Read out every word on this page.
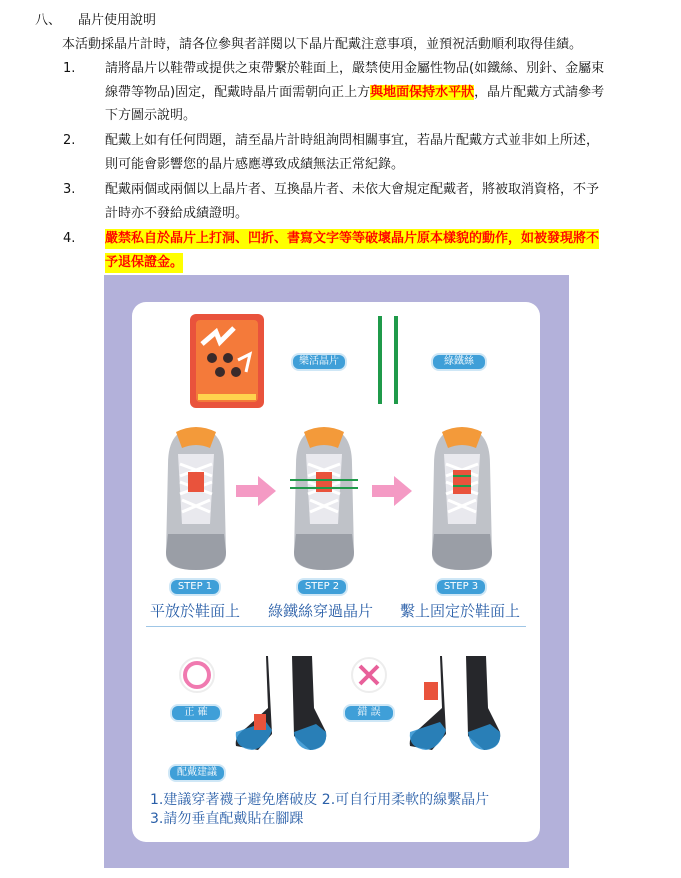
八、 晶片使用說明
本活動採晶片計時，請各位參與者詳閱以下晶片配戴注意事項，並預祝活動順利取得佳績。
1. 請將晶片以鞋帶或提供之束帶繫於鞋面上，嚴禁使用金屬性物品(如鐵絲、別針、金屬束
線帶等物品)固定，配戴時晶片面需朝向正上方與地面保持水平狀，晶片配戴方式請參考
下方圖示說明。
2. 配戴上如有任何問題，請至晶片計時組詢問相關事宜，若晶片配戴方式並非如上所述，
則可能會影響您的晶片感應導致成績無法正常紀錄。
3. 配戴兩個或兩個以上晶片者、互換晶片者、未依大會規定配戴者，將被取消資格，不予
計時亦不發給成績證明。
4. 嚴禁私自於晶片上打洞、凹折、書寫文字等等破壞晶片原本樣貌的動作，如被發現將不
予退保證金。
樂活晶片	綠鐵絲
STEP 1	STEP 2	STEP 3
平放於鞋面上 綠鐵絲穿過晶片 繫上固定於鞋面上
正 確	錯 誤
配戴建議
1.建議穿著襪子避免磨破皮 2.可自行用柔軟的線繫晶片
3.請勿垂直配戴貼在腳踝
